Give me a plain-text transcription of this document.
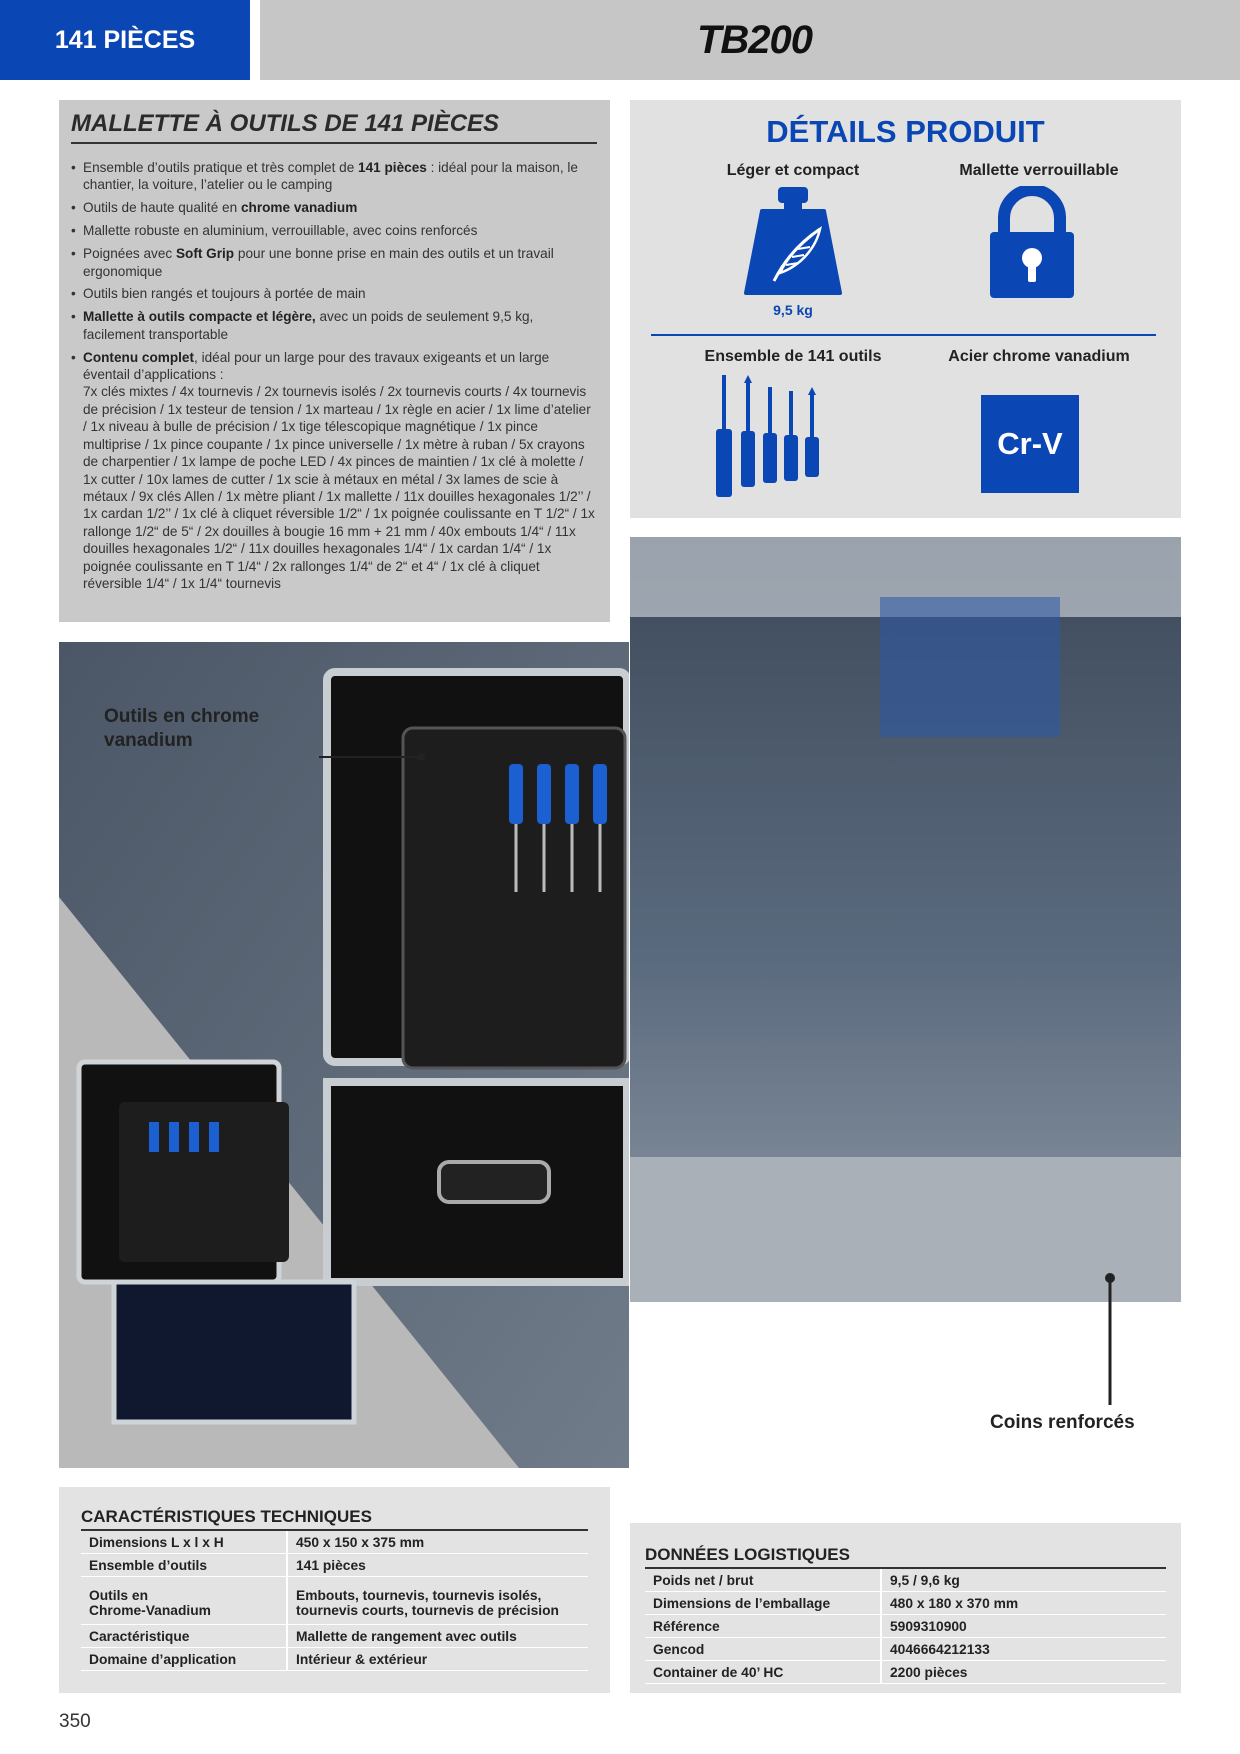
141 PIÈCES	TB200
MALLETTE À OUTILS DE 141 PIÈCES
• Ensemble d’outils pratique et très complet de 141 pièces : idéal pour la maison, le chantier, la voiture, l’atelier ou le camping
• Outils de haute qualité en chrome vanadium
• Mallette robuste en aluminium, verrouillable, avec coins renforcés
• Poignées avec Soft Grip pour une bonne prise en main des outils et un travail ergonomique
• Outils bien rangés et toujours à portée de main
• Mallette à outils compacte et légère, avec un poids de seulement 9,5 kg, facilement transportable
• Contenu complet, idéal pour un large pour des travaux exigeants et un large éventail d’applications :
7x clés mixtes / 4x tournevis / 2x tournevis isolés / 2x tournevis courts / 4x tournevis de précision / 1x testeur de tension / 1x marteau / 1x règle en acier / 1x lime d’atelier / 1x niveau à bulle de précision / 1x tige télescopique magnétique / 1x pince multiprise / 1x pince coupante / 1x pince universelle / 1x mètre à ruban / 5x crayons de charpentier / 1x lampe de poche LED / 4x pinces de maintien / 1x clé à molette / 1x cutter / 10x lames de cutter / 1x scie à métaux en métal / 3x lames de scie à métaux / 9x clés Allen / 1x mètre pliant / 1x mallette / 11x douilles hexagonales 1/2’’ / 1x cardan 1/2’’ / 1x clé à cliquet réversible 1/2“ / 1x poignée coulissante en T 1/2“ / 1x rallonge 1/2“ de 5“ / 2x douilles à bougie 16 mm + 21 mm / 40x embouts 1/4“ / 11x douilles hexagonales 1/2“ / 11x douilles hexagonales 1/4“ / 1x cardan 1/4“ / 1x poignée coulissante en T 1/4“ / 2x rallonges 1/4“ de 2“ et 4“ / 1x clé à cliquet réversible 1/4“ / 1x 1/4“ tournevis
DÉTAILS PRODUIT
Léger et compact	Mallette verrouillable
9,5 kg
Ensemble de 141 outils	Acier chrome vanadium
Cr-V
Outils en chrome
vanadium
Coins renforcés
CARACTÉRISTIQUES TECHNIQUES
Dimensions L x l x H	450 x 150 x 375 mm
Ensemble d’outils	141 pièces
Outils en
Chrome-Vanadium	Embouts, tournevis, tournevis isolés,
tournevis courts, tournevis de précision
Caractéristique	Mallette de rangement avec outils
Domaine d’application	Intérieur & extérieur
DONNÉES LOGISTIQUES
Poids net / brut	9,5 / 9,6 kg
Dimensions de l’emballage	480 x 180 x 370 mm
Référence	5909310900
Gencod	4046664212133
Container de 40’ HC	2200 pièces
350
